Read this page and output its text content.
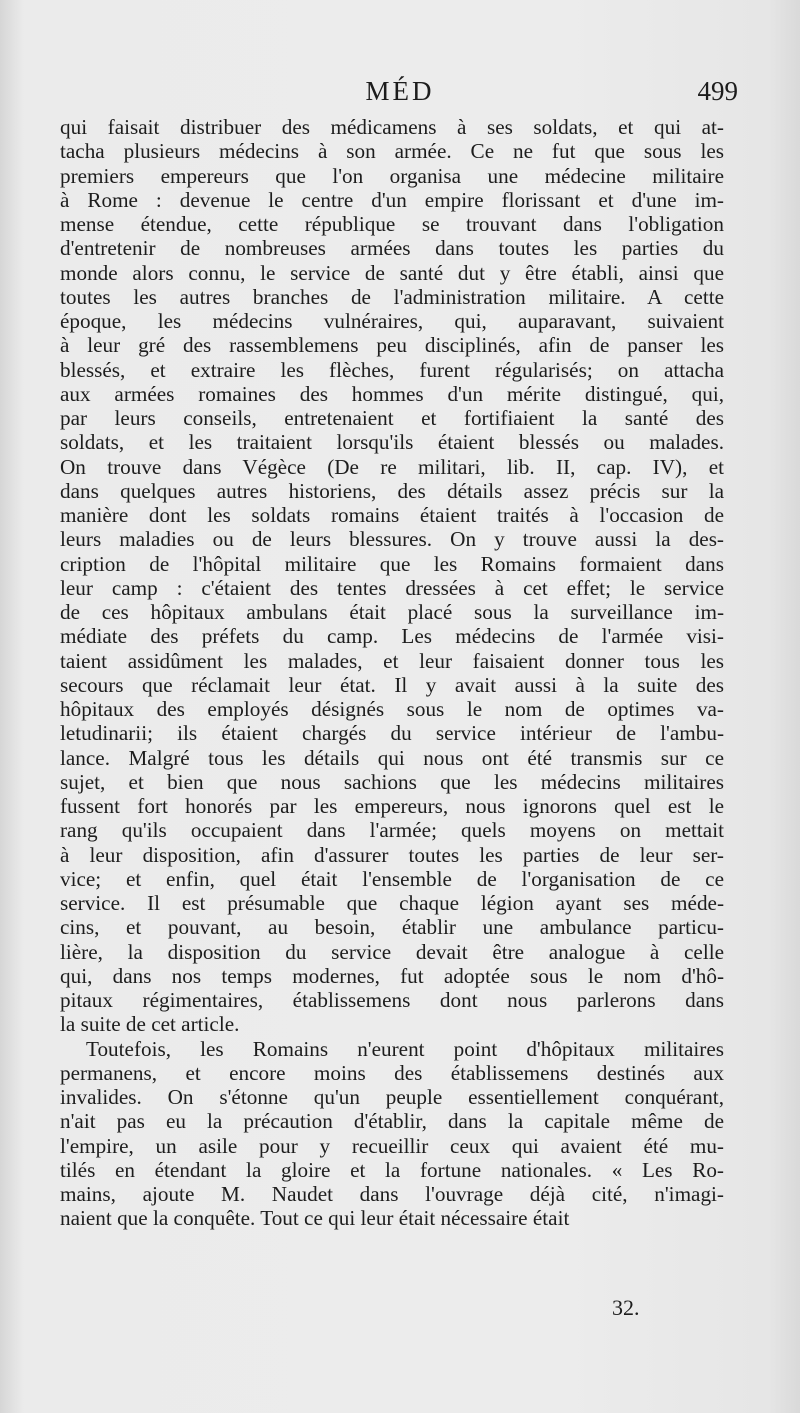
MÉD	499
qui faisait distribuer des médicamens à ses soldats, et qui at-
tacha plusieurs médecins à son armée. Ce ne fut que sous les
premiers empereurs que l'on organisa une médecine militaire
à Rome : devenue le centre d'un empire florissant et d'une im-
mense étendue, cette république se trouvant dans l'obligation
d'entretenir de nombreuses armées dans toutes les parties du
monde alors connu, le service de santé dut y être établi, ainsi que
toutes les autres branches de l'administration militaire. A cette
époque, les médecins vulnéraires, qui, auparavant, suivaient
à leur gré des rassemblemens peu disciplinés, afin de panser les
blessés, et extraire les flèches, furent régularisés; on attacha
aux armées romaines des hommes d'un mérite distingué, qui,
par leurs conseils, entretenaient et fortifiaient la santé des
soldats, et les traitaient lorsqu'ils étaient blessés ou malades.
On trouve dans Végèce (De re militari, lib. II, cap. IV), et
dans quelques autres historiens, des détails assez précis sur la
manière dont les soldats romains étaient traités à l'occasion de
leurs maladies ou de leurs blessures. On y trouve aussi la des-
cription de l'hôpital militaire que les Romains formaient dans
leur camp : c'étaient des tentes dressées à cet effet; le service
de ces hôpitaux ambulans était placé sous la surveillance im-
médiate des préfets du camp. Les médecins de l'armée visi-
taient assidûment les malades, et leur faisaient donner tous les
secours que réclamait leur état. Il y avait aussi à la suite des
hôpitaux des employés désignés sous le nom de optimes va-
letudinarii; ils étaient chargés du service intérieur de l'ambu-
lance. Malgré tous les détails qui nous ont été transmis sur ce
sujet, et bien que nous sachions que les médecins militaires
fussent fort honorés par les empereurs, nous ignorons quel est le
rang qu'ils occupaient dans l'armée; quels moyens on mettait
à leur disposition, afin d'assurer toutes les parties de leur ser-
vice; et enfin, quel était l'ensemble de l'organisation de ce
service. Il est présumable que chaque légion ayant ses méde-
cins, et pouvant, au besoin, établir une ambulance particu-
lière, la disposition du service devait être analogue à celle
qui, dans nos temps modernes, fut adoptée sous le nom d'hô-
pitaux régimentaires, établissemens dont nous parlerons dans
la suite de cet article.
Toutefois, les Romains n'eurent point d'hôpitaux militaires
permanens, et encore moins des établissemens destinés aux
invalides. On s'étonne qu'un peuple essentiellement conquérant,
n'ait pas eu la précaution d'établir, dans la capitale même de
l'empire, un asile pour y recueillir ceux qui avaient été mu-
tilés en étendant la gloire et la fortune nationales. « Les Ro-
mains, ajoute M. Naudet dans l'ouvrage déjà cité, n'imagi-
naient que la conquête. Tout ce qui leur était nécessaire était
32.
